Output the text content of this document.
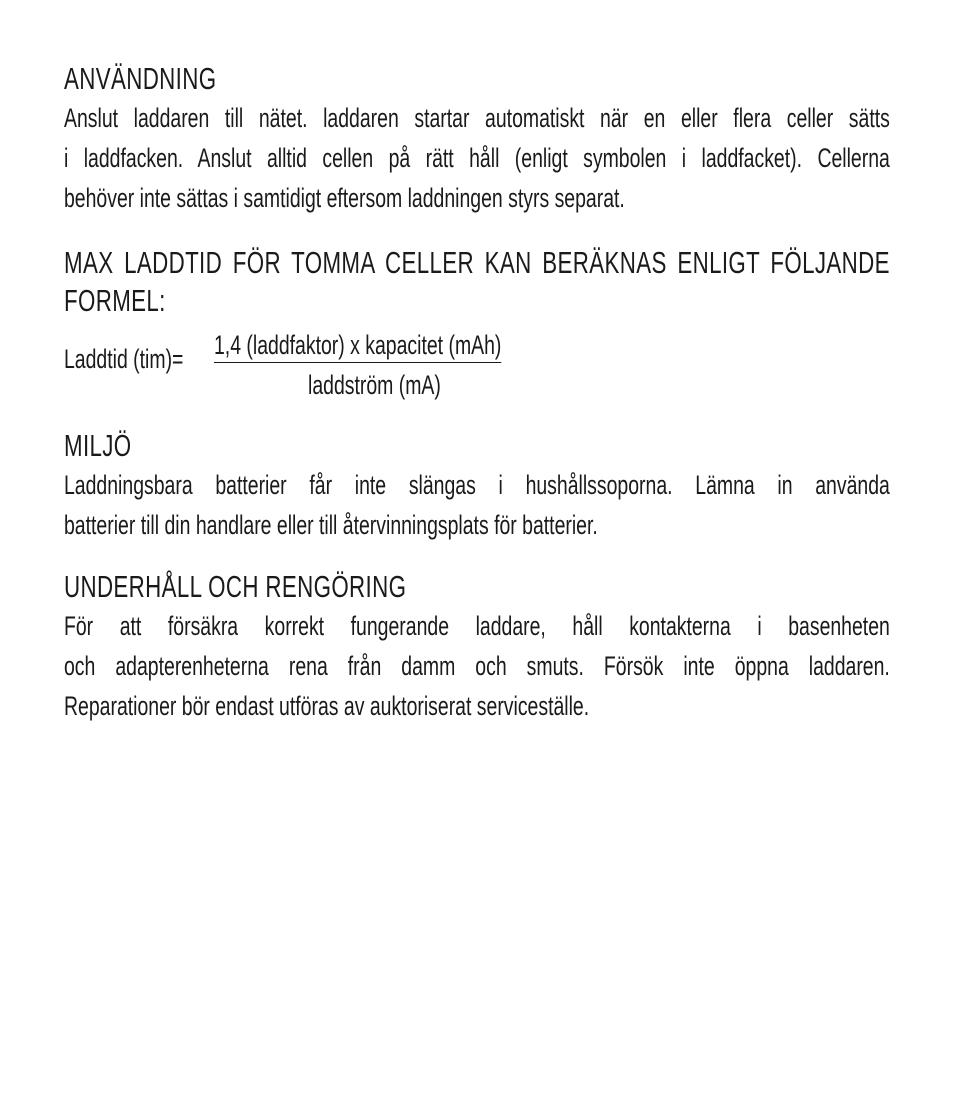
ANVÄNDNING

Anslut laddaren till nätet. laddaren startar automatiskt när en eller flera celler sätts
i laddfacken. Anslut alltid cellen på rätt håll (enligt symbolen i laddfacket). Cellerna
behöver inte sättas i samtidigt eftersom laddningen styrs separat.

MAX LADDTID FÖR TOMMA CELLER KAN BERÄKNAS ENLIGT FÖLJANDE
FORMEL:
Laddtid (tim)= 1,4 (laddfaktor) x kapacitet (mAh)
laddström (mA)
MILJÖ

Laddningsbara batterier får inte slängas i hushållssoporna. Lämna in använda
batterier till din handlare eller till återvinningsplats för batterier.

UNDERHÅLL OCH RENGÖRING

För att försäkra korrekt fungerande laddare, håll kontakterna i basenheten
och adapterenheterna rena från damm och smuts. Försök inte öppna laddaren.
Reparationer bör endast utföras av auktoriserat serviceställe.
